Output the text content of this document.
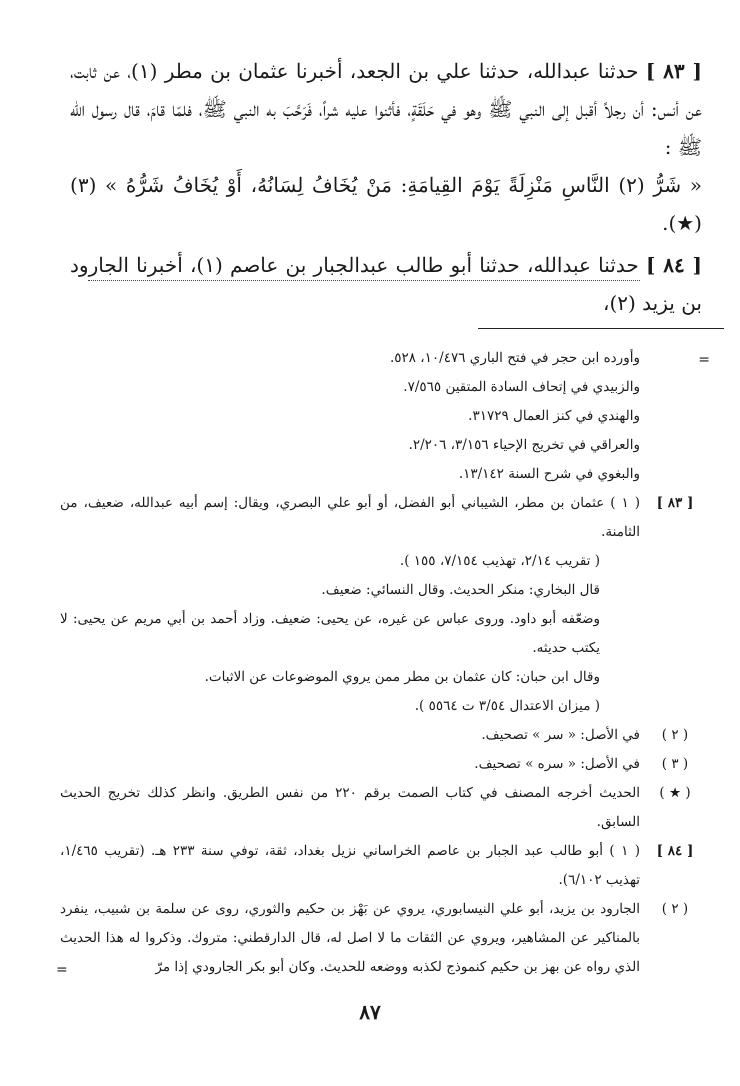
[ ٨٣ ] حدثنا عبدالله، حدثنا علي بن الجعد، أخبرنا عثمان بن مطر (١)، عن ثابت، عن أنس: أن رجلاً أقبل إلى النبي ﷺ وهو في حَلَقَةٍ، فأثنوا عليه شراً، فَرَحَّبَ به النبي ﷺ، فلمّا قامَ، قال رسول الله ﷺ :

« شَرُّ (٢) النَّاسِ مَنْزِلَةً يَوْمَ القِيامَةِ: مَنْ يُخَافُ لِسَانُهُ، أَوْ يُخَافُ شَرُّهُ » (٣) (★).

[ ٨٤ ] حدثنا عبدالله، حدثنا أبو طالب عبدالجبار بن عاصم (١)، أخبرنا الجارود بن يزيد (٢)،

=
وأورده ابن حجر في فتح الباري ١٠/٤٧٦، ٥٢٨.
والزبيدي في إتحاف السادة المتقين ٧/٥٦٥.
والهندي في كنز العمال ٣١٧٢٩.
والعراقي في تخريج الإحياء ٣/١٥٦، ٢/٢٠٦.
والبغوي في شرح السنة ١٣/١٤٢.
[ ٨٣ ]
( ١ ) عثمان بن مطر، الشيباني أبو الفضل، أو أبو علي البصري، ويقال: إسم أبيه عبدالله، ضعيف، من الثامنة.
( تقريب ٢/١٤، تهذيب ٧/١٥٤، ١٥٥ ).
قال البخاري: منكر الحديث. وقال النسائي: ضعيف.
وضعّفه أبو داود. وروى عباس عن غيره، عن يحيى: ضعيف. وزاد أحمد بن أبي مريم عن يحيى: لا يكتب حديثه.
وقال ابن حبان: كان عثمان بن مطر ممن يروي الموضوعات عن الاثبات.
( ميزان الاعتدال ٣/٥٤ ت ٥٥٦٤ ).
( ٢ )
في الأصل: « سر » تصحيف.
( ٣ )
في الأصل: « سره » تصحيف.
( ★ )
الحديث أخرجه المصنف في كتاب الصمت برقم ٢٢٠ من نفس الطريق. وانظر كذلك تخريج الحديث السابق.
[ ٨٤ ]
( ١ ) أبو طالب عبد الجبار بن عاصم الخراساني نزيل بغداد، ثقة، توفي سنة ٢٣٣ هـ. (تقريب ١/٤٦٥، تهذيب ٦/١٠٢).
( ٢ )
الجارود بن يزيد، أبو علي النيسابوري، يروي عن بَهْز بن حكيم والثوري، روى عن سلمة بن شبيب، ينفرد بالمناكير عن المشاهير، ويروي عن الثقات ما لا اصل له، قال الدارقطني: متروك. وذكروا له هذا الحديث الذي رواه عن بهز بن حكيم كنموذج لكذبه ووضعه للحديث. وكان أبو بكر الجارودي إذا مرّ
=
٨٧
